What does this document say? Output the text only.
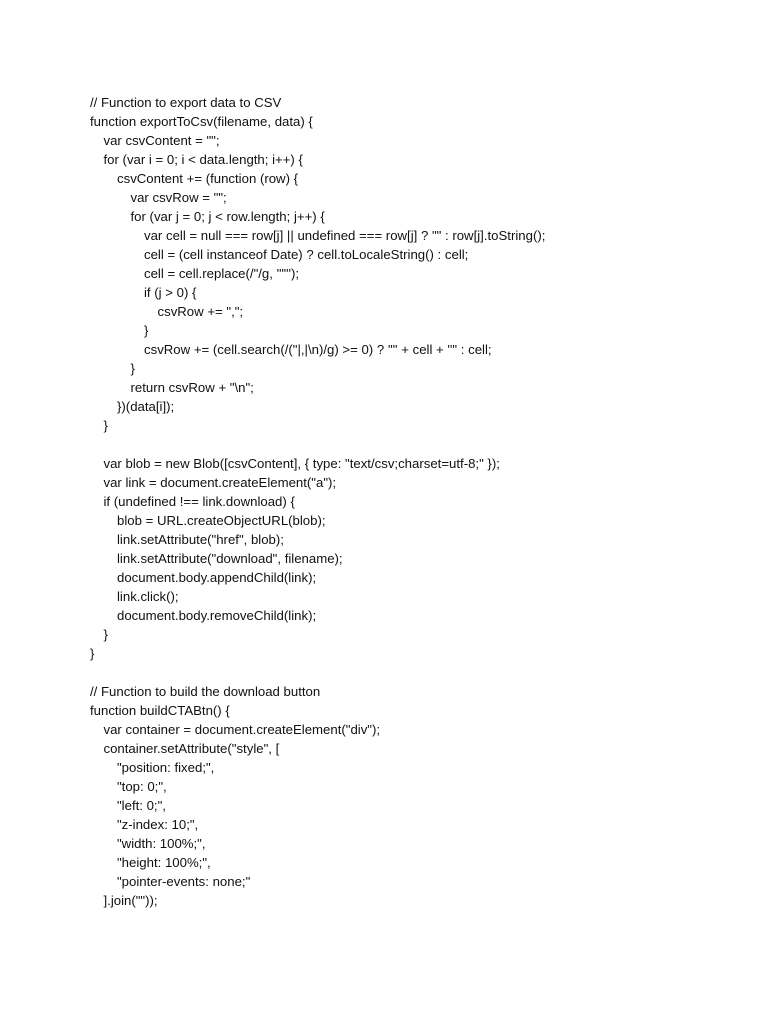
// Function to export data to CSV
function exportToCsv(filename, data) {
var csvContent = "";
for (var i = 0; i < data.length; i++) {
csvContent += (function (row) {
var csvRow = "";
for (var j = 0; j < row.length; j++) {
var cell = null === row[j] || undefined === row[j] ? "" : row[j].toString();
cell = (cell instanceof Date) ? cell.toLocaleString() : cell;
cell = cell.replace(/"/g, '""');
if (j > 0) {
csvRow += ",";
}
csvRow += (cell.search(/("|,|\n)/g) >= 0) ? '"' + cell + '"' : cell;
}
return csvRow + "\n";
})(data[i]);
}
var blob = new Blob([csvContent], { type: "text/csv;charset=utf-8;" });
var link = document.createElement("a");
if (undefined !== link.download) {
blob = URL.createObjectURL(blob);
link.setAttribute("href", blob);
link.setAttribute("download", filename);
document.body.appendChild(link);
link.click();
document.body.removeChild(link);
}
}
// Function to build the download button
function buildCTABtn() {
var container = document.createElement("div");
container.setAttribute("style", [
"position: fixed;",
"top: 0;",
"left: 0;",
"z-index: 10;",
"width: 100%;",
"height: 100%;",
"pointer-events: none;"
].join(""));
